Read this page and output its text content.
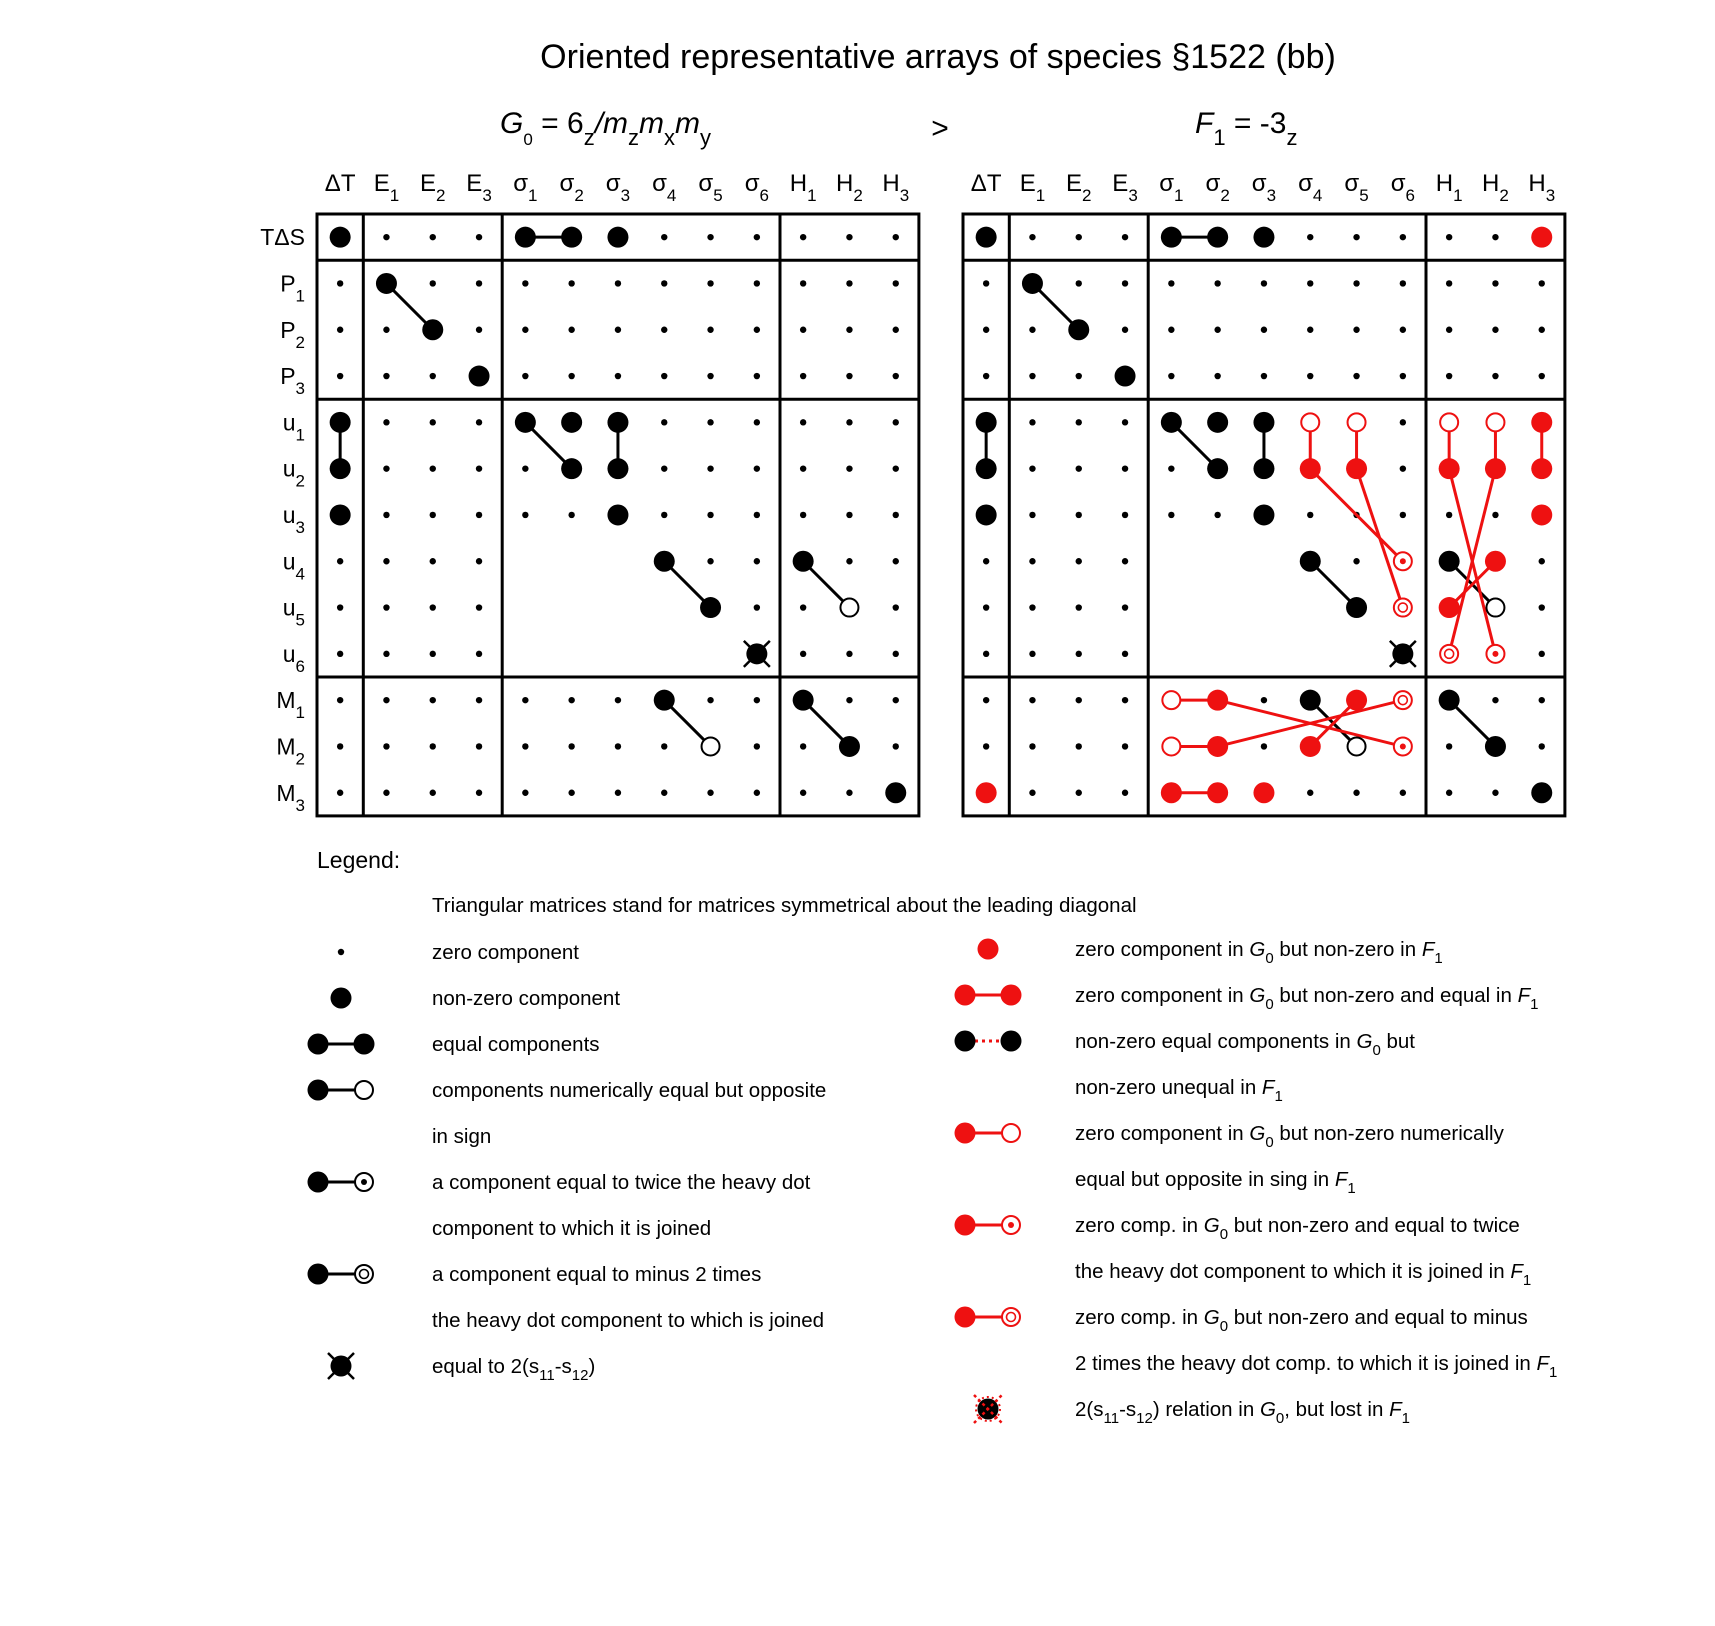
Oriented representative arrays of species §1522 (bb)
$G_0 = 6_z/m_zm_xm_y$	>	$F_1 = -3_z$
ΔT $E_1$ $E_2$ $E_3$ $\sigma_1$ $\sigma_2$ $\sigma_3$ $\sigma_4$ $\sigma_5$ $\sigma_6$ $H_1$ $H_2$ $H_3$
TΔS
$P_1$
$P_2$
$P_3$
$u_1$
$u_2$
$u_3$
$u_4$
$u_5$
$u_6$
$M_1$
$M_2$
$M_3$
ΔT $E_1$ $E_2$ $E_3$ $\sigma_1$ $\sigma_2$ $\sigma_3$ $\sigma_4$ $\sigma_5$ $\sigma_6$ $H_1$ $H_2$ $H_3$
Legend:
Triangular matrices stand for matrices symmetrical about the leading diagonal
zero component
non-zero component
equal components
components numerically equal but opposite
in sign
a component equal to twice the heavy dot
component to which it is joined
a component equal to minus 2 times
the heavy dot component to which is joined
equal to $2(s_{11}-s_{12})$
zero component in $G_0$ but non-zero in $F_1$
zero component in $G_0$ but non-zero and equal in $F_1$
non-zero equal components in $G_0$ but
non-zero unequal in $F_1$
zero component in $G_0$ but non-zero numerically
equal but opposite in sing in $F_1$
zero comp. in $G_0$ but non-zero and equal to twice
the heavy dot component to which it is joined in $F_1$
zero comp. in $G_0$ but non-zero and equal to minus
2 times the heavy dot comp. to which it is joined in $F_1$
$2(s_{11}-s_{12})$ relation in $G_0$, but lost in $F_1$
